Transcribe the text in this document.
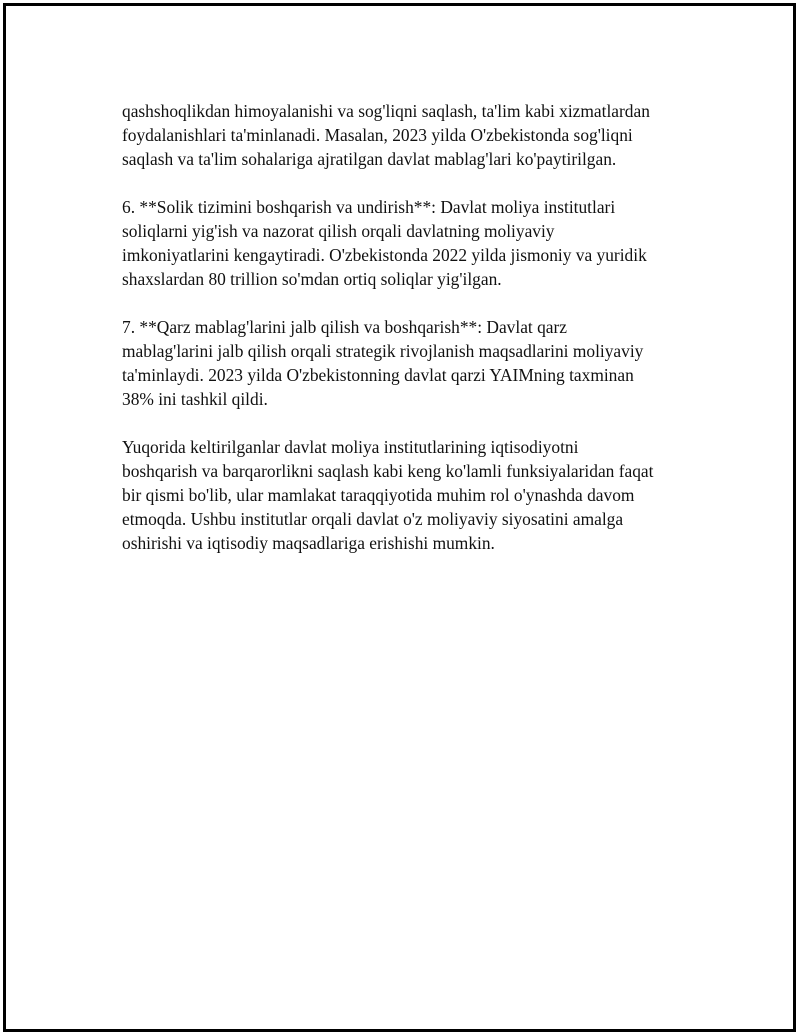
qashshoqlikdan himoyalanishi va sog'liqni saqlash, ta'lim kabi xizmatlardan
foydalanishlari ta'minlanadi. Masalan, 2023 yilda O'zbekistonda sog'liqni
saqlash va ta'lim sohalariga ajratilgan davlat mablag'lari ko'paytirilgan.

6. **Solik tizimini boshqarish va undirish**: Davlat moliya institutlari
soliqlarni yig'ish va nazorat qilish orqali davlatning moliyaviy
imkoniyatlarini kengaytiradi. O'zbekistonda 2022 yilda jismoniy va yuridik
shaxslardan 80 trillion so'mdan ortiq soliqlar yig'ilgan.

7. **Qarz mablag'larini jalb qilish va boshqarish**: Davlat qarz
mablag'larini jalb qilish orqali strategik rivojlanish maqsadlarini moliyaviy
ta'minlaydi. 2023 yilda O'zbekistonning davlat qarzi YAIMning taxminan
38% ini tashkil qildi.

Yuqorida keltirilganlar davlat moliya institutlarining iqtisodiyotni
boshqarish va barqarorlikni saqlash kabi keng ko'lamli funksiyalaridan faqat
bir qismi bo'lib, ular mamlakat taraqqiyotida muhim rol o'ynashda davom
etmoqda. Ushbu institutlar orqali davlat o'z moliyaviy siyosatini amalga
oshirishi va iqtisodiy maqsadlariga erishishi mumkin.
